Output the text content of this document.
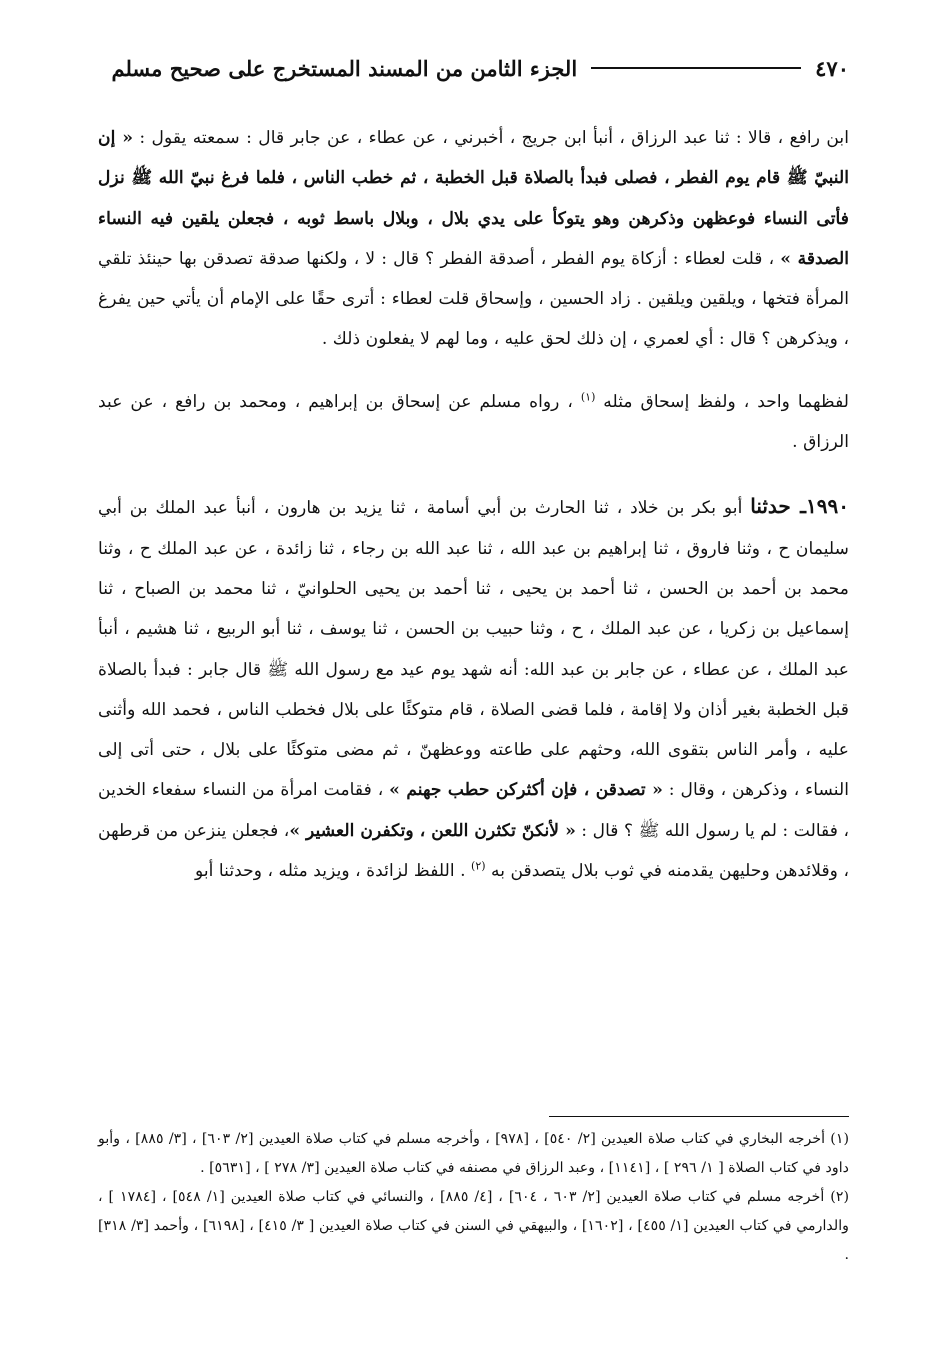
٤٧٠
الجزء الثامن من المسند المستخرج على صحيح مسلم

ابن رافع ، قالا : ثنا عبد الرزاق ، أنبأ ابن جريج ، أخبرني ، عن عطاء ، عن جابر قال : سمعته يقول : « إن النبيّ ﷺ قام يوم الفطر ، فصلى فبدأ بالصلاة قبل الخطبة ، ثم خطب الناس ، فلما فرغ نبيّ الله ﷺ نزل فأتى النساء فوعظهن وذكرهن وهو يتوكأ على يدي بلال ، وبلال باسط ثوبه ، فجعلن يلقين فيه النساء الصدقة » ، قلت لعطاء : أزكاة يوم الفطر ، أصدقة الفطر ؟ قال : لا ، ولكنها صدقة تصدقن بها حينئذ تلقي المرأة فتخها ، ويلقين ويلقين . زاد الحسين ، وإسحاق قلت لعطاء : أترى حقًا على الإمام أن يأتي حين يفرغ ، ويذكرهن ؟ قال : أي لعمري ، إن ذلك لحق عليه ، وما لهم لا يفعلون ذلك .

لفظهما واحد ، ولفظ إسحاق مثله $^{(١)}$ ، رواه مسلم عن إسحاق بن إبراهيم ، ومحمد بن رافع ، عن عبد الرزاق .

١٩٩٠ـ حدثنا أبو بكر بن خلاد ، ثنا الحارث بن أبي أسامة ، ثنا يزيد بن هارون ، أنبأ عبد الملك بن أبي سليمان ح ، وثنا فاروق ، ثنا إبراهيم بن عبد الله ، ثنا عبد الله بن رجاء ، ثنا زائدة ، عن عبد الملك ح ، وثنا محمد بن أحمد بن الحسن ، ثنا أحمد بن يحيى ، ثنا أحمد بن يحيى الحلوانيّ ، ثنا محمد بن الصباح ، ثنا إسماعيل بن زكريا ، عن عبد الملك ، ح ، وثنا حبيب بن الحسن ، ثنا يوسف ، ثنا أبو الربيع ، ثنا هشيم ، أنبأ عبد الملك ، عن عطاء ، عن جابر بن عبد الله: أنه شهد يوم عيد مع رسول الله ﷺ قال جابر : فبدأ بالصلاة قبل الخطبة بغير أذان ولا إقامة ، فلما قضى الصلاة ، قام متوكئًا على بلال فخطب الناس ، فحمد الله وأثنى عليه ، وأمر الناس بتقوى الله، وحثهم على طاعته ووعظهنّ ، ثم مضى متوكئًا على بلال ، حتى أتى إلى النساء ، وذكرهن ، وقال : « تصدقن ، فإن أكثركن حطب جهنم » ، فقامت امرأة من النساء سفعاء الخدين ، فقالت : لم يا رسول الله ﷺ ؟ قال : « لأنكنّ تكثرن اللعن ، وتكفرن العشير »، فجعلن ينزعن من قرطهن ، وقلائدهن وحليهن يقدمنه في ثوب بلال يتصدقن به $^{(٢)}$ . اللفظ لزائدة ، ويزيد مثله ، وحدثنا أبو

(١) أخرجه البخاري في كتاب صلاة العيدين [٢/ ٥٤٠] ، [٩٧٨] ، وأخرجه مسلم في كتاب صلاة العيدين [٢/ ٦٠٣] ، [٣/ ٨٨٥] ، وأبو داود في كتاب الصلاة [ ١/ ٢٩٦ ] ، [١١٤١] ، وعبد الرزاق في مصنفه في كتاب صلاة العيدين [٣/ ٢٧٨ ] ، [٥٦٣١] .

(٢) أخرجه مسلم في كتاب صلاة العيدين [٢/ ٦٠٣ ، ٦٠٤] ، [٤/ ٨٨٥] ، والنسائي في كتاب صلاة العيدين [١/ ٥٤٨] ، [١٧٨٤ ] ، والدارمي في كتاب العيدين [١/ ٤٥٥] ، [١٦٠٢] ، والبيهقي في السنن في كتاب صلاة العيدين [ ٣/ ٤١٥] ، [٦١٩٨] ، وأحمد [٣/ ٣١٨] .
